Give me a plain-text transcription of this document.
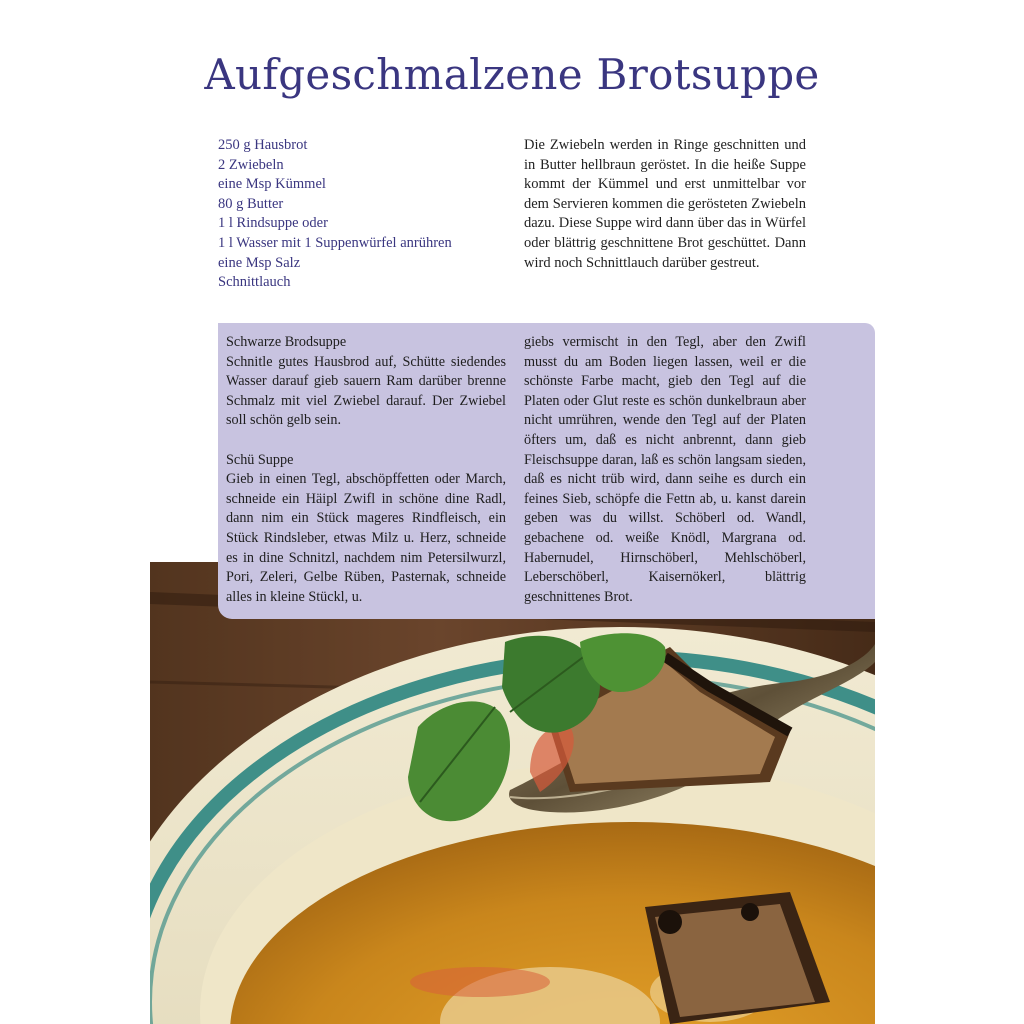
Aufgeschmalzene Brotsuppe
250 g Hausbrot
2 Zwiebeln
eine Msp Kümmel
80 g Butter
1 l Rindsuppe oder
1 l Wasser mit 1 Suppenwürfel anrühren
eine Msp Salz
Schnittlauch

Die Zwiebeln werden in Ringe geschnitten und in Butter hellbraun geröstet. In die heiße Suppe kommt der Kümmel und erst unmittelbar vor dem Servieren kommen die gerösteten Zwiebeln dazu. Diese Suppe wird dann über das in Würfel oder blättrig geschnittene Brot geschüttet. Dann wird noch Schnittlauch darüber gestreut.

Schwarze Brodsuppe

Schnitle gutes Hausbrod auf, Schütte siedendes Wasser darauf gieb sauern Ram darüber brenne Schmalz mit viel Zwiebel darauf. Der Zwiebel soll schön gelb sein.

Schü Suppe

Gieb in einen Tegl, abschöpffetten oder March, schneide ein Häipl Zwifl in schöne dine Radl, dann nim ein Stück mageres Rindfleisch, ein Stück Rindsleber, etwas Milz u. Herz, schneide es in dine Schnitzl, nachdem nim Petersilwurzl, Pori, Zeleri, Gelbe Rüben, Pasternak, schneide alles in kleine Stückl, u.

giebs vermischt in den Tegl, aber den Zwifl musst du am Boden liegen lassen, weil er die schönste Farbe macht, gieb den Tegl auf die Platen oder Glut reste es schön dunkelbraun aber nicht umrühren, wende den Tegl auf der Platen öfters um, daß es nicht anbrennt, dann gieb Fleischsuppe daran, laß es schön langsam sieden, daß es nicht trüb wird, dann seihe es durch ein feines Sieb, schöpfe die Fettn ab, u. kanst darein geben was du willst. Schöberl od. Wandl, gebachene od. weiße Knödl, Margrana od. Habernudel, Hirnschöberl, Mehlschöberl, Leberschöberl, Kaisernökerl, blättrig geschnittenes Brot.
